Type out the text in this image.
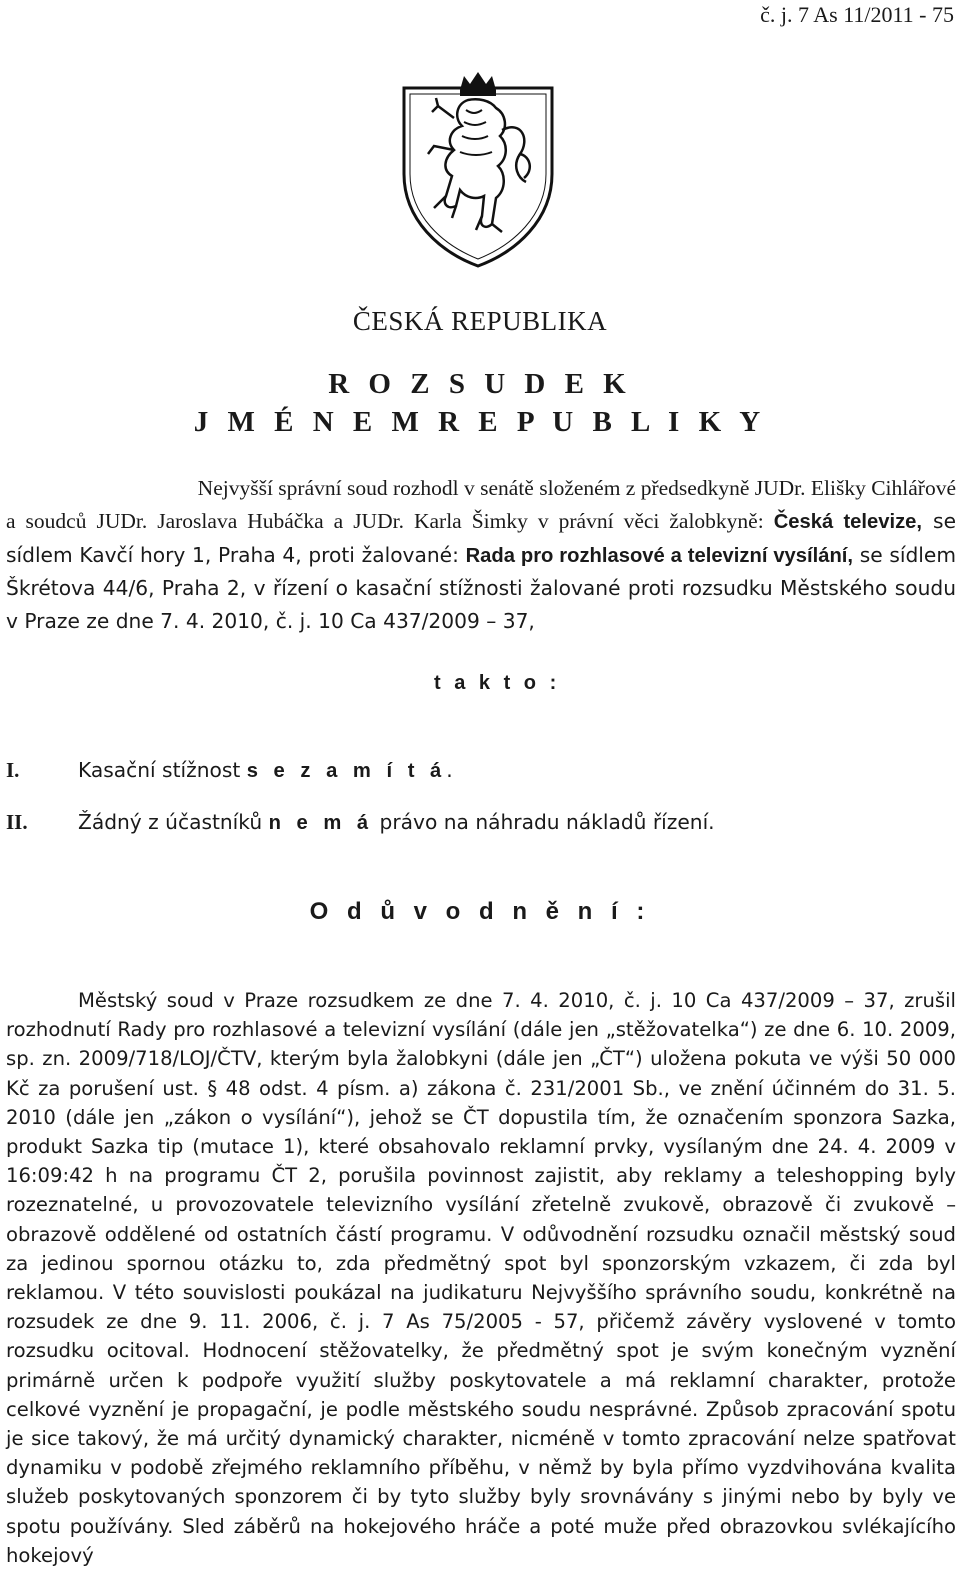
č. j. 7 As 11/2011 - 75
ČESKÁ REPUBLIKA
R O Z S U D E K
J M É N E M R E P U B L I K Y

Nejvyšší správní soud rozhodl v senátě složeném z předsedkyně JUDr. Elišky Cihlářové

a soudců JUDr. Jaroslava Hubáčka a JUDr. Karla Šimky v právní věci žalobkyně: Česká televize, se sídlem Kavčí hory 1, Praha 4, proti žalované: Rada pro rozhlasové a televizní vysílání, se sídlem Škrétova 44/6, Praha 2, v řízení o kasační stížnosti žalované proti rozsudku Městského soudu v Praze ze dne 7. 4. 2010, č. j. 10 Ca 437/2009 – 37,

t a k t o :
I.	Kasační stížnost s e z a m í t á.
II. Žádný z účastníků n e m á právo na náhradu nákladů řízení.
O d ů v o d n ě n í :

Městský soud v Praze rozsudkem ze dne 7. 4. 2010, č. j. 10 Ca 437/2009 – 37, zrušil rozhodnutí Rady pro rozhlasové a televizní vysílání (dále jen „stěžovatelka“) ze dne 6. 10. 2009, sp. zn. 2009/718/LOJ/ČTV, kterým byla žalobkyni (dále jen „ČT“) uložena pokuta ve výši 50 000 Kč za porušení ust. § 48 odst. 4 písm. a) zákona č. 231/2001 Sb., ve znění účinném do 31. 5. 2010 (dále jen „zákon o vysílání“), jehož se ČT dopustila tím, že označením sponzora Sazka, produkt Sazka tip (mutace 1), které obsahovalo reklamní prvky, vysílaným dne 24. 4. 2009 v 16:09:42 h na programu ČT 2, porušila povinnost zajistit, aby reklamy a teleshopping byly rozeznatelné, u provozovatele televizního vysílání zřetelně zvukově, obrazově či zvukově – obrazově oddělené od ostatních částí programu. V odůvodnění rozsudku označil městský soud za jedinou spornou otázku to, zda předmětný spot byl sponzorským vzkazem, či zda byl reklamou. V této souvislosti poukázal na judikaturu Nejvyššího správního soudu, konkrétně na rozsudek ze dne 9. 11. 2006, č. j. 7 As 75/2005 - 57, přičemž závěry vyslovené v tomto rozsudku ocitoval. Hodnocení stěžovatelky, že předmětný spot je svým konečným vyznění primárně určen k podpoře využití služby poskytovatele a má reklamní charakter, protože celkové vyznění je propagační, je podle městského soudu nesprávné. Způsob zpracování spotu je sice takový, že má určitý dynamický charakter, nicméně v tomto zpracování nelze spatřovat dynamiku v podobě zřejmého reklamního příběhu, v němž by byla přímo vyzdvihována kvalita služeb poskytovaných sponzorem či by tyto služby byly srovnávány s jinými nebo by byly ve spotu používány. Sled záběrů na hokejového hráče a poté muže před obrazovkou svlékajícího hokejový
